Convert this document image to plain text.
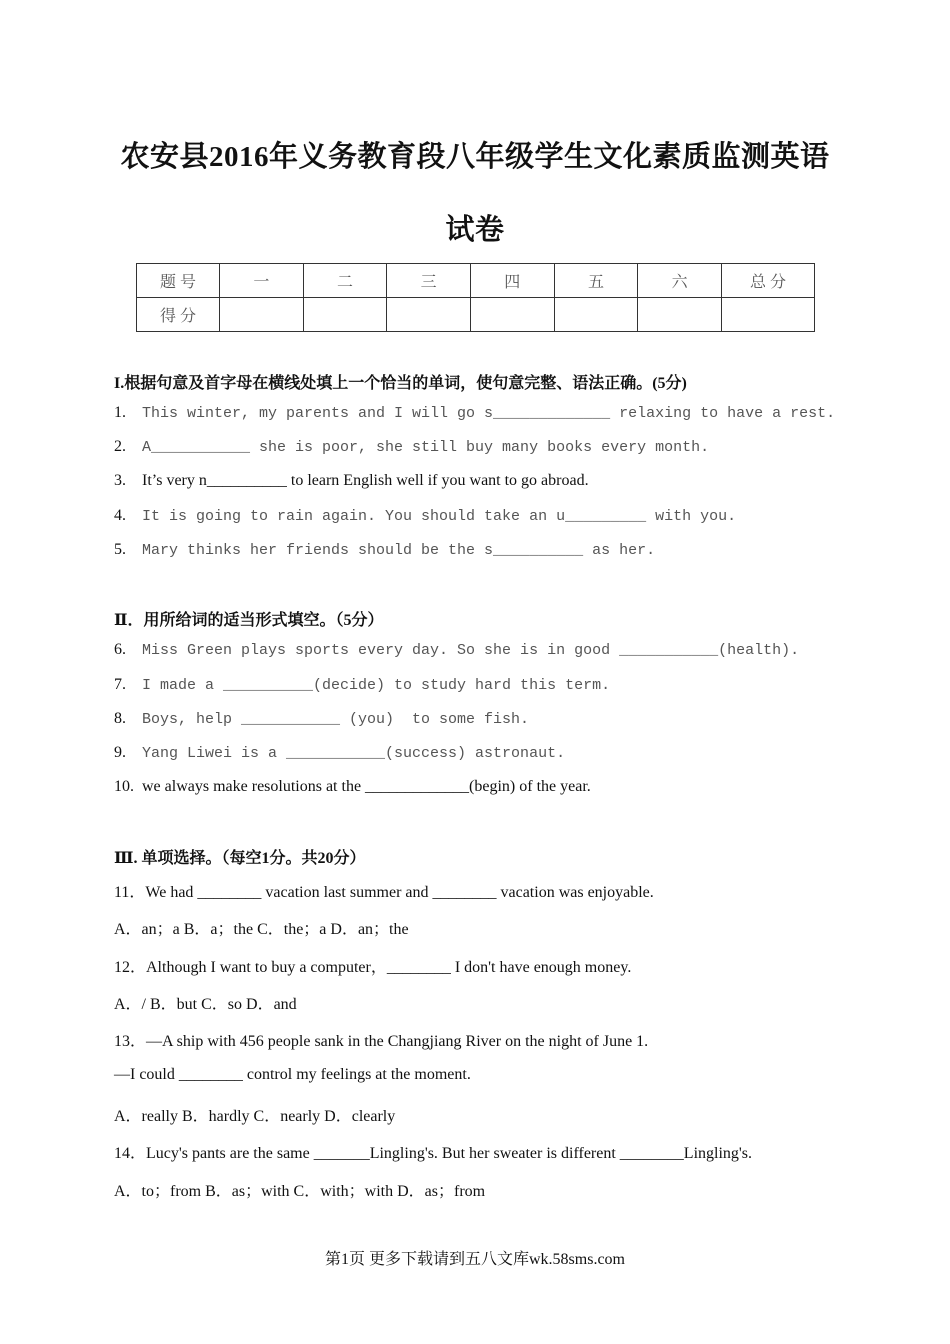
农安县2016年义务教育段八年级学生文化素质监测英语
试卷
题 号	一	二	三	四	五	六	总 分
得 分							
I.根据句意及首字母在横线处填上一个恰当的单词，使句意完整、语法正确。(5分)
1. This winter, my parents and I will go s_____________ relaxing to have a rest.
2. A___________ she is poor, she still buy many books every month.
3. It’s very n__________ to learn English well if you want to go abroad.
4. It is going to rain again. You should take an u_________ with you.
5. Mary thinks her friends should be the s__________ as her.
Ⅱ．用所给词的适当形式填空。（5分）
6. Miss Green plays sports every day. So she is in good ___________(health).
7. I made a __________(decide) to study hard this term.
8. Boys, help ___________ (you)  to some fish.
9. Yang Liwei is a ___________(success) astronaut.
10. we always make resolutions at the _____________(begin) of the year.
Ⅲ. 单项选择。（每空1分。共20分）
11．We had ________ vacation last summer and ________ vacation was enjoyable.
A．an；a B．a；the C．the；a D．an；the
12．Although I want to buy a computer，________ I don't have enough money.
A．/ B．but C．so D．and
13．—A ship with 456 people sank in the Changjiang River on the night of June 1.
—I could ________ control my feelings at the moment.
A．really B．hardly C．nearly D．clearly
14．Lucy's pants are the same _______Lingling's. But her sweater is different ________Lingling's.
A．to；from B．as；with C．with；with D．as；from
第1页 更多下载请到五八文库wk.58sms.com
